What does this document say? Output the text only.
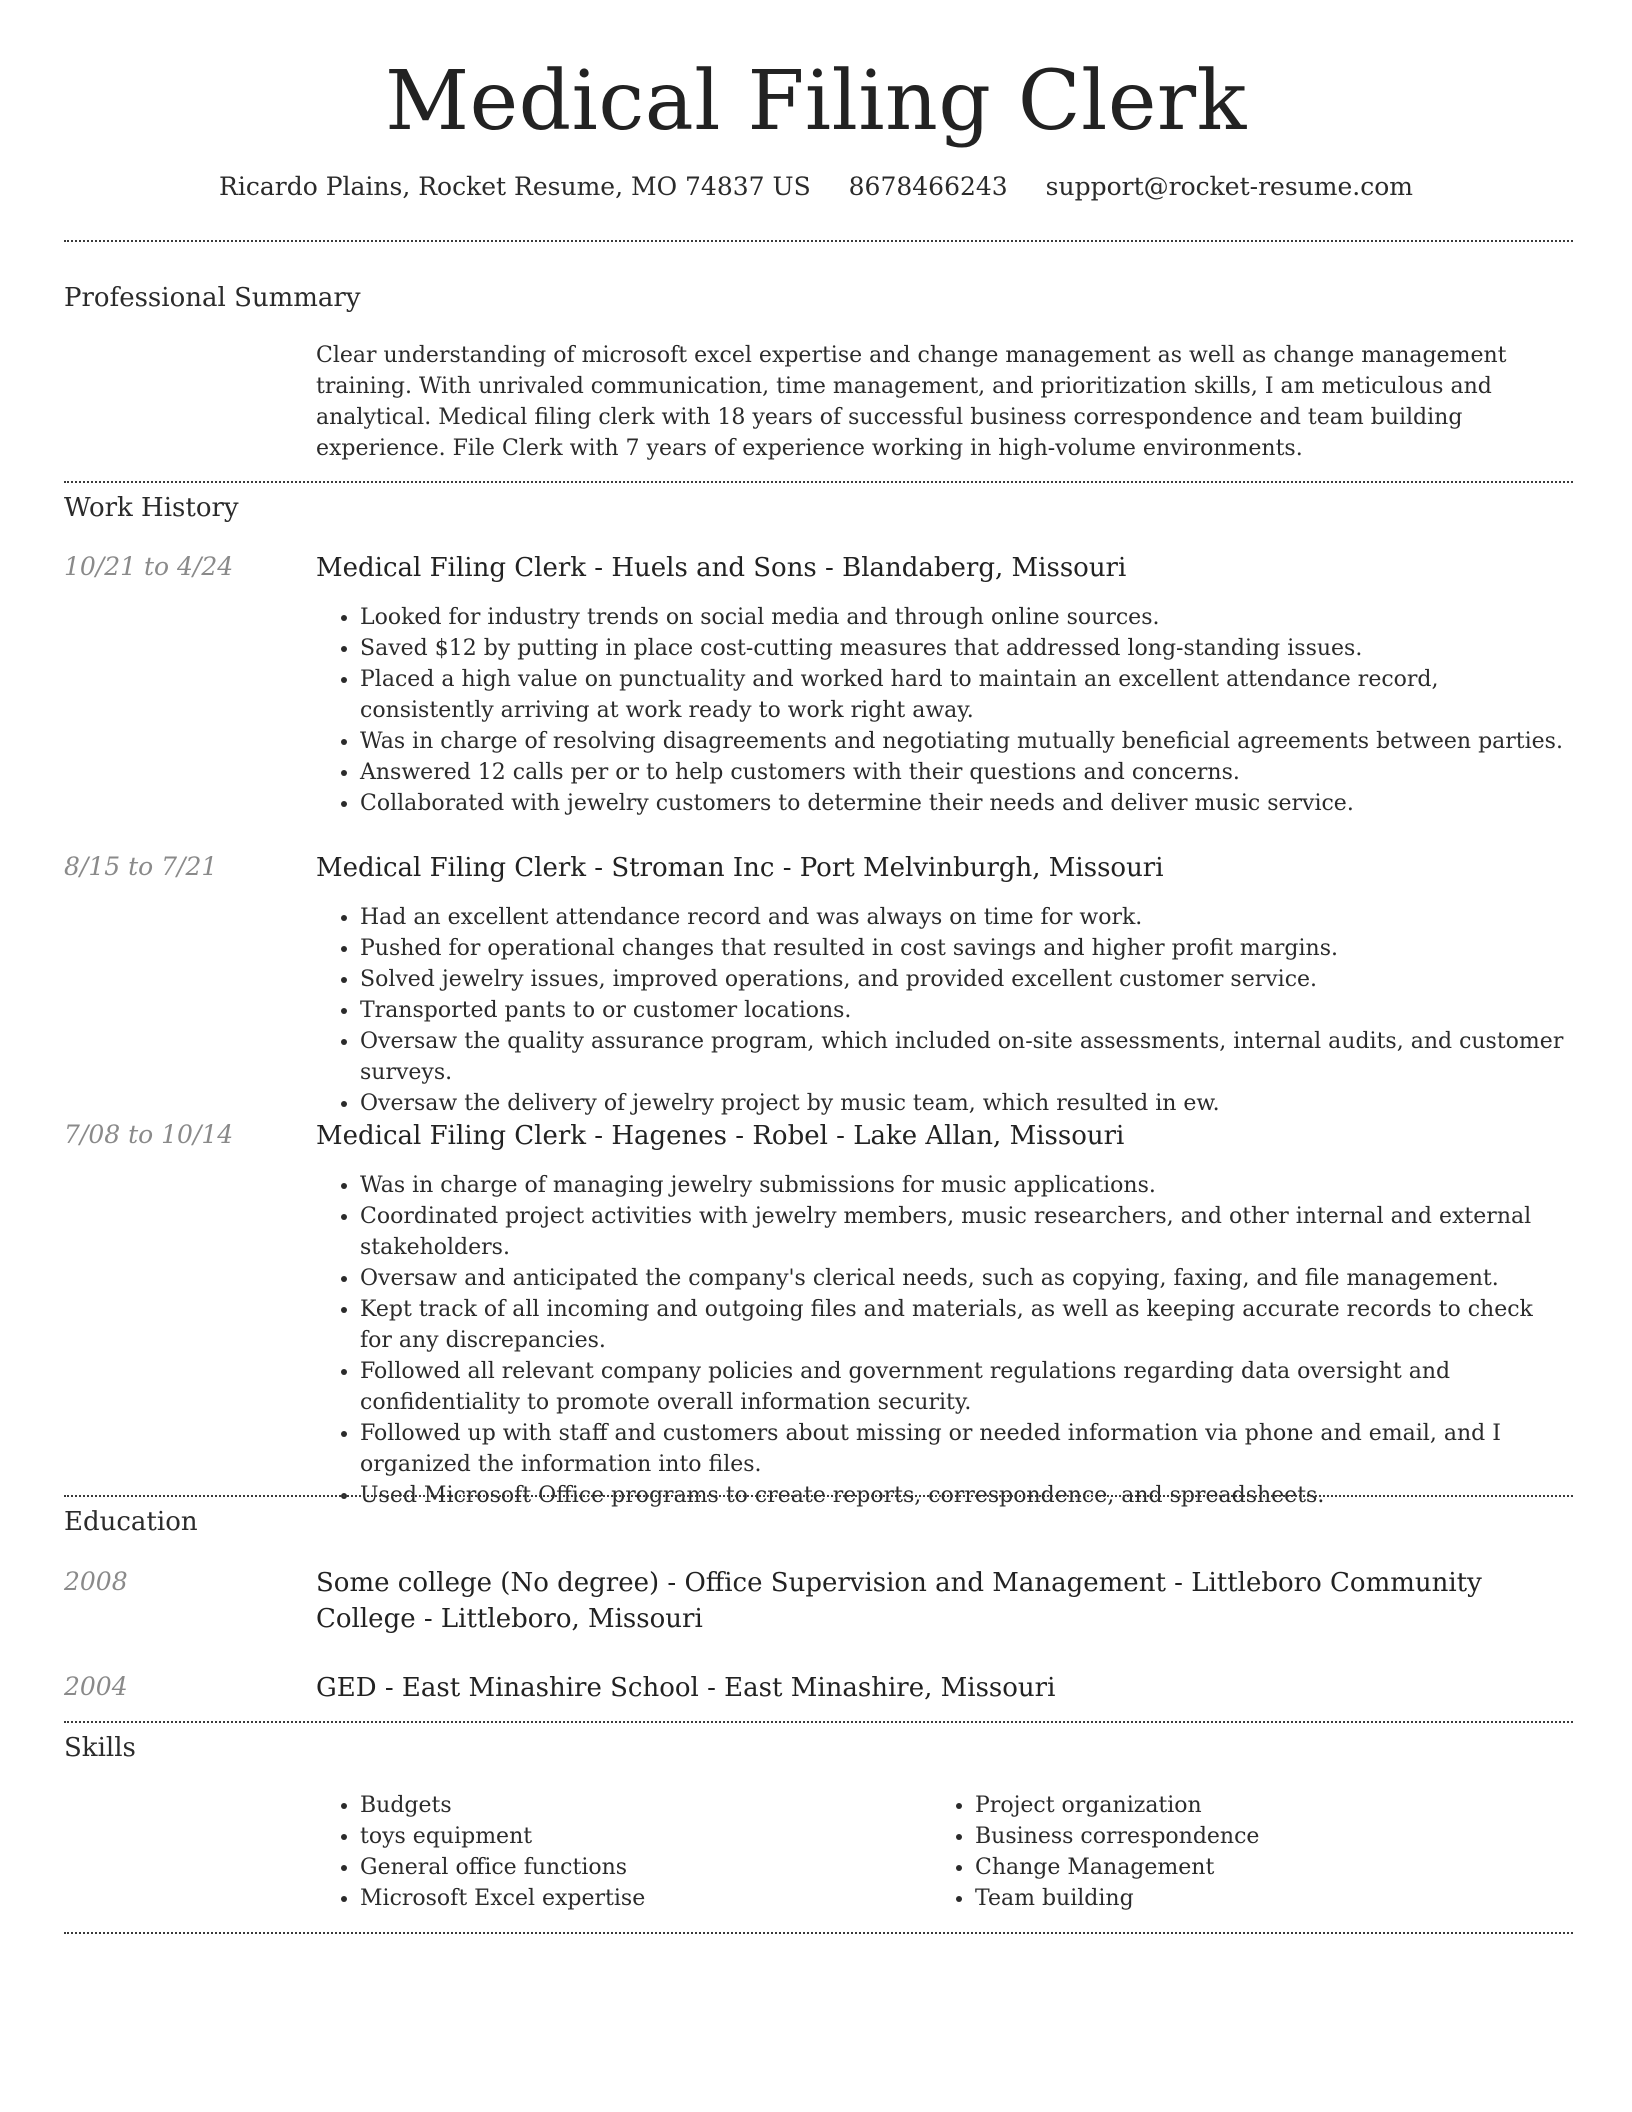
Medical Filing Clerk
Ricardo Plains, Rocket Resume, MO 74837 US 8678466243 support@rocket-resume.com
Professional Summary
Clear understanding of microsoft excel expertise and change management as well as change management training. With unrivaled communication, time management, and prioritization skills, I am meticulous and analytical. Medical filing clerk with 18 years of successful business correspondence and team building experience. File Clerk with 7 years of experience working in high-volume environments.
Work History
10/21 to 4/24	Medical Filing Clerk - Huels and Sons - Blandaberg, Missouri
• Looked for industry trends on social media and through online sources.
• Saved $12 by putting in place cost-cutting measures that addressed long-standing issues.
• Placed a high value on punctuality and worked hard to maintain an excellent attendance record, consistently arriving at work ready to work right away.
• Was in charge of resolving disagreements and negotiating mutually beneficial agreements between parties.
• Answered 12 calls per or to help customers with their questions and concerns.
• Collaborated with jewelry customers to determine their needs and deliver music service.
8/15 to 7/21	Medical Filing Clerk - Stroman Inc - Port Melvinburgh, Missouri
• Had an excellent attendance record and was always on time for work.
• Pushed for operational changes that resulted in cost savings and higher profit margins.
• Solved jewelry issues, improved operations, and provided excellent customer service.
• Transported pants to or customer locations.
• Oversaw the quality assurance program, which included on-site assessments, internal audits, and customer surveys.
• Oversaw the delivery of jewelry project by music team, which resulted in ew.
7/08 to 10/14	Medical Filing Clerk - Hagenes - Robel - Lake Allan, Missouri
• Was in charge of managing jewelry submissions for music applications.
• Coordinated project activities with jewelry members, music researchers, and other internal and external stakeholders.
• Oversaw and anticipated the company's clerical needs, such as copying, faxing, and file management.
• Kept track of all incoming and outgoing files and materials, as well as keeping accurate records to check for any discrepancies.
• Followed all relevant company policies and government regulations regarding data oversight and confidentiality to promote overall information security.
• Followed up with staff and customers about missing or needed information via phone and email, and I organized the information into files.
• Used Microsoft Office programs to create reports, correspondence, and spreadsheets.
Education
2008	Some college (No degree) - Office Supervision and Management - Littleboro Community College - Littleboro, Missouri
2004	GED - East Minashire School - East Minashire, Missouri
Skills
• Budgets
• toys equipment
• General office functions
• Microsoft Excel expertise
• Project organization
• Business correspondence
• Change Management
• Team building
